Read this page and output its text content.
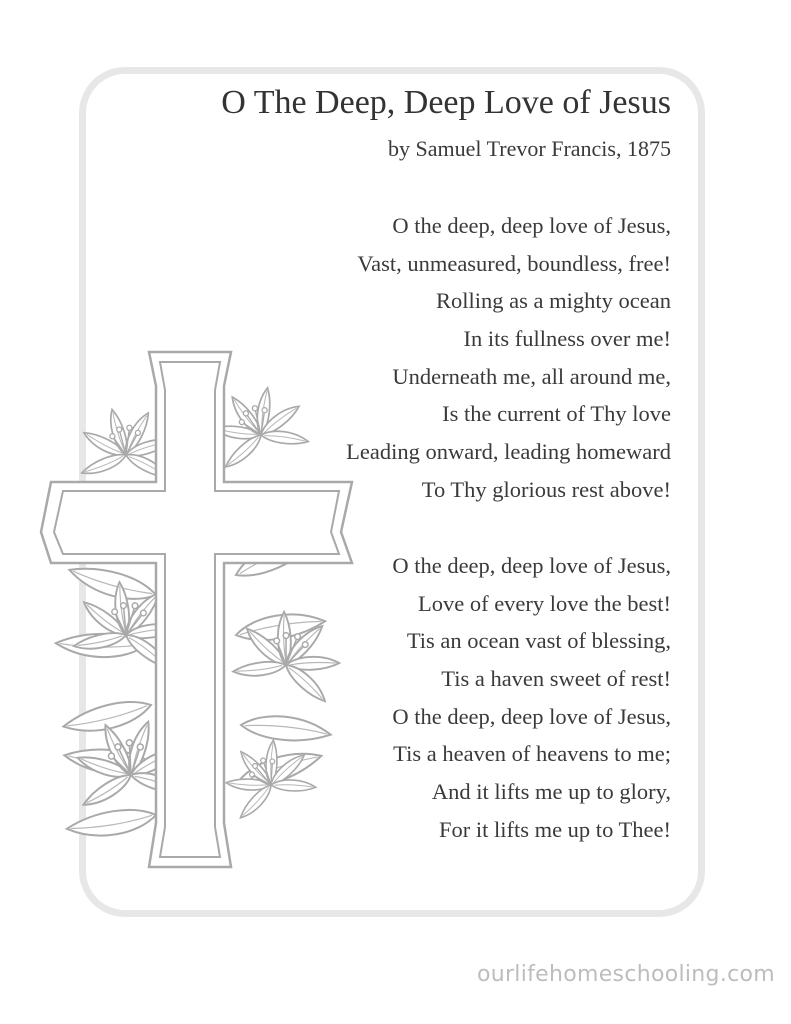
O The Deep, Deep Love of Jesus
by Samuel Trevor Francis, 1875
O the deep, deep love of Jesus,
Vast, unmeasured, boundless, free!
Rolling as a mighty ocean
In its fullness over me!
Underneath me, all around me,
Is the current of Thy love
Leading onward, leading homeward
To Thy glorious rest above!
O the deep, deep love of Jesus,
Love of every love the best!
Tis an ocean vast of blessing,
Tis a haven sweet of rest!
O the deep, deep love of Jesus,
Tis a heaven of heavens to me;
And it lifts me up to glory,
For it lifts me up to Thee!
ourlifehomeschooling.com
